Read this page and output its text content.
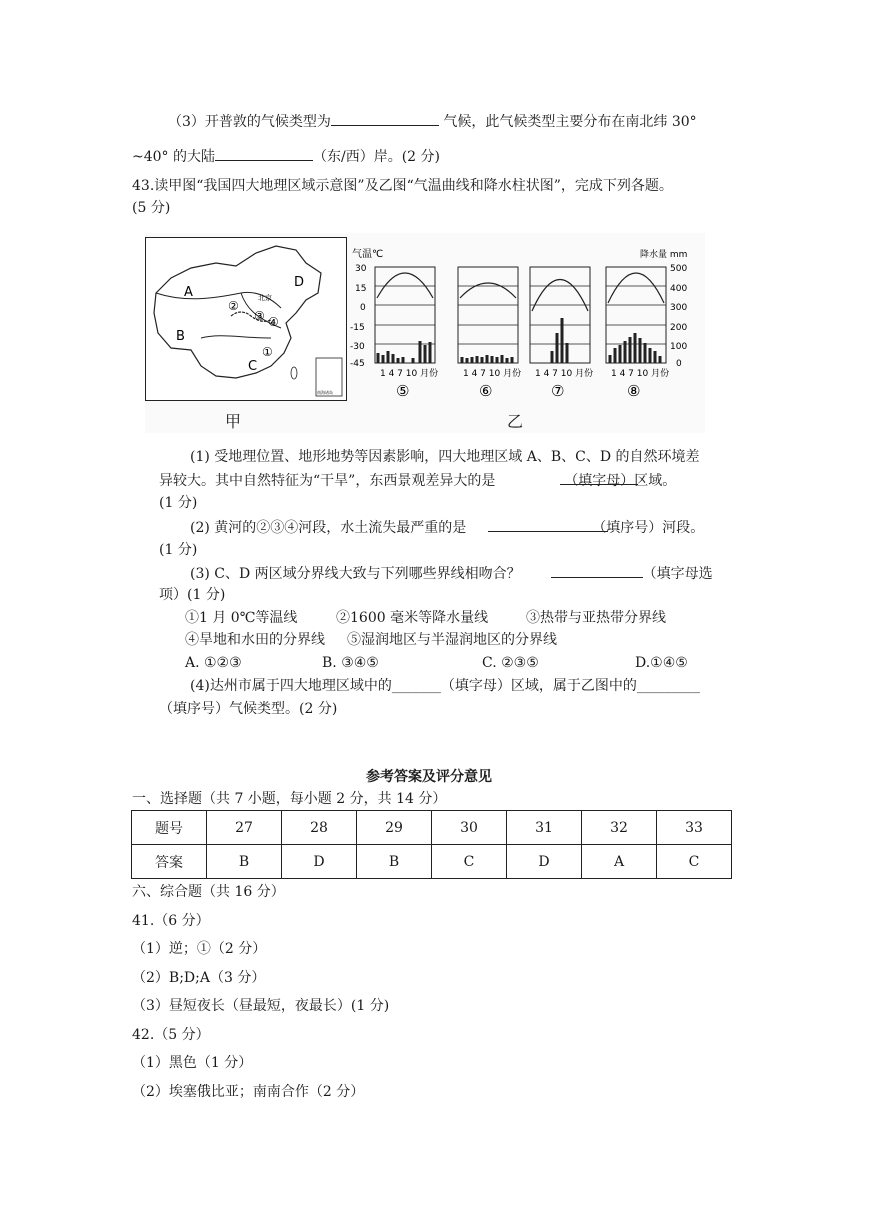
（3）开普敦的气候类型为	气候，此气候类型主要分布在南北纬 30°
~40° 的大陆	（东/西）岸。(2 分)
43.读甲图“我国四大地理区域示意图”及乙图“气温曲线和降水柱状图”，完成下列各题。
(5 分)
A
B
C
D
②
③ ④
①
北京
南海诸岛
气温℃	降水量 mm
30
15
0
-15
-30
-45
500
400
300
200
100
0
1 4 7 10 月份
⑤
1 4 7 10 月份
⑥
1 4 7 10 月份
⑦
1 4 7 10 月份
⑧
甲	乙
(1) 受地理位置、地形地势等因素影响，四大地理区域 A、B、C、D 的自然环境差
异较大。其中自然特征为“干旱”，东西景观差异大的是	（填字母）区域。
(1 分)
(2) 黄河的②③④河段，水土流失最严重的是	（填序号）河段。
(1 分)
(3) C、D 两区域分界线大致与下列哪些界线相吻合？	（填字母选
项）(1 分)
①1 月 0℃等温线	②1600 毫米等降水量线	③热带与亚热带分界线
④旱地和水田的分界线 ⑤湿润地区与半湿润地区的分界线
A. ①②③	B. ③④⑤	C. ②③⑤	D.①④⑤
(4)达州市属于四大地理区域中的_______（填字母）区域，属于乙图中的_________
（填序号）气候类型。(2 分)
参考答案及评分意见
一、选择题（共 7 小题，每小题 2 分，共 14 分）
题号	27	28	29	30	31	32	33
答案	B	D	B	C	D	A	C
六、综合题（共 16 分）
41.（6 分）
（1）逆；①（2 分）
（2）B;D;A（3 分）
（3）昼短夜长（昼最短，夜最长）(1 分)
42.（5 分）
（1）黑色（1 分）
（2）埃塞俄比亚；南南合作（2 分）
